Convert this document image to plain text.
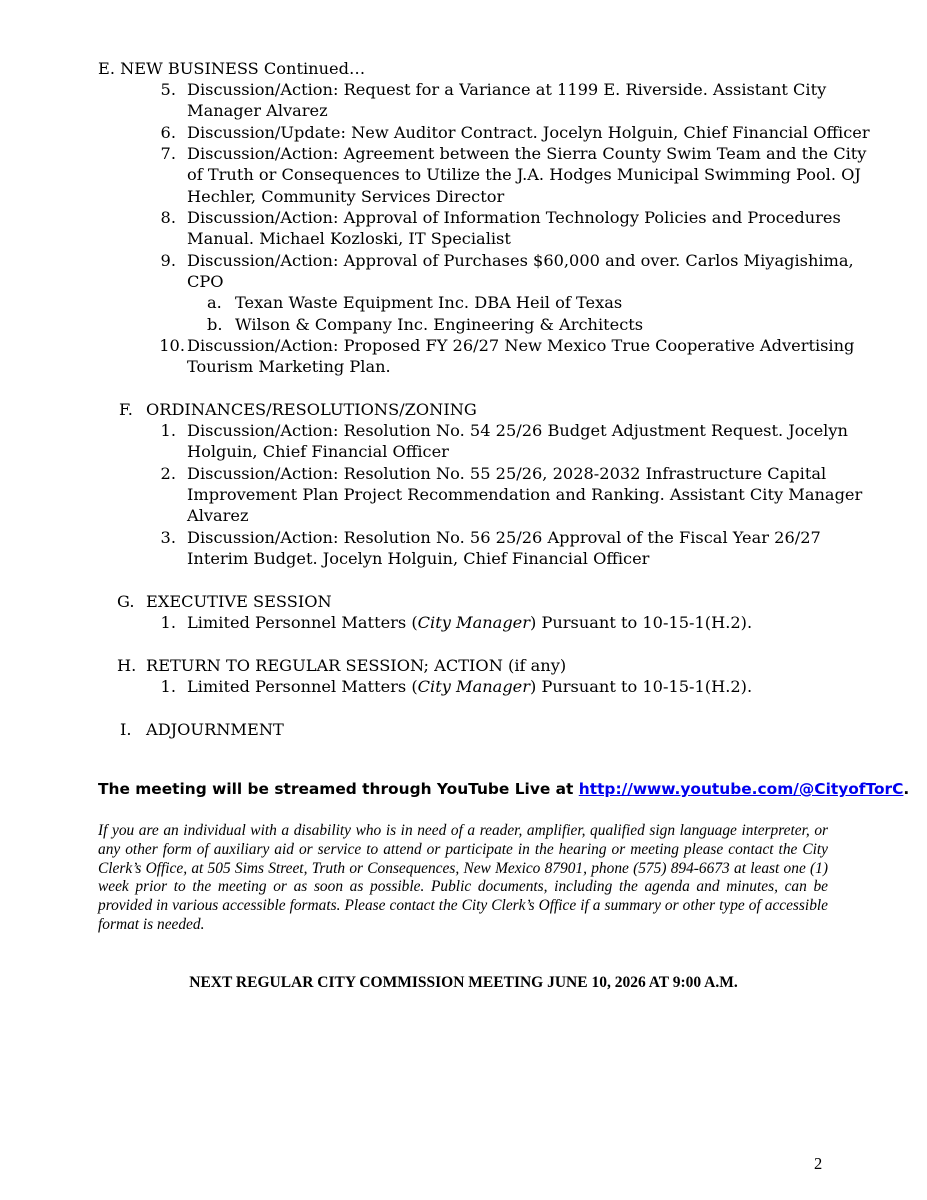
E. NEW BUSINESS Continued…
5. Discussion/Action: Request for a Variance at 1199 E. Riverside. Assistant City
Manager Alvarez
6. Discussion/Update: New Auditor Contract. Jocelyn Holguin, Chief Financial Officer
7. Discussion/Action: Agreement between the Sierra County Swim Team and the City
of Truth or Consequences to Utilize the J.A. Hodges Municipal Swimming Pool. OJ
Hechler, Community Services Director
8. Discussion/Action: Approval of Information Technology Policies and Procedures
Manual. Michael Kozloski, IT Specialist
9. Discussion/Action: Approval of Purchases $60,000 and over. Carlos Miyagishima,
CPO
a. Texan Waste Equipment Inc. DBA Heil of Texas
b. Wilson & Company Inc. Engineering & Architects
10. Discussion/Action: Proposed FY 26/27 New Mexico True Cooperative Advertising
Tourism Marketing Plan.
F. ORDINANCES/RESOLUTIONS/ZONING
1. Discussion/Action: Resolution No. 54 25/26 Budget Adjustment Request. Jocelyn
Holguin, Chief Financial Officer
2. Discussion/Action: Resolution No. 55 25/26, 2028-2032 Infrastructure Capital
Improvement Plan Project Recommendation and Ranking. Assistant City Manager
Alvarez
3. Discussion/Action: Resolution No. 56 25/26 Approval of the Fiscal Year 26/27
Interim Budget. Jocelyn Holguin, Chief Financial Officer
G. EXECUTIVE SESSION
1. Limited Personnel Matters (City Manager) Pursuant to 10-15-1(H.2).
H. RETURN TO REGULAR SESSION; ACTION (if any)
1. Limited Personnel Matters (City Manager) Pursuant to 10-15-1(H.2).
I. ADJOURNMENT
The meeting will be streamed through YouTube Live at http://www.youtube.com/@CityofTorC.
If you are an individual with a disability who is in need of a reader, amplifier, qualified sign language interpreter, or any other form of auxiliary aid or service to attend or participate in the hearing or meeting please contact the City Clerk’s Office, at 505 Sims Street, Truth or Consequences, New Mexico 87901, phone (575) 894-6673 at least one (1) week prior to the meeting or as soon as possible. Public documents, including the agenda and minutes, can be provided in various accessible formats. Please contact the City Clerk’s Office if a summary or other type of accessible format is needed.
NEXT REGULAR CITY COMMISSION MEETING JUNE 10, 2026 AT 9:00 A.M.
2
